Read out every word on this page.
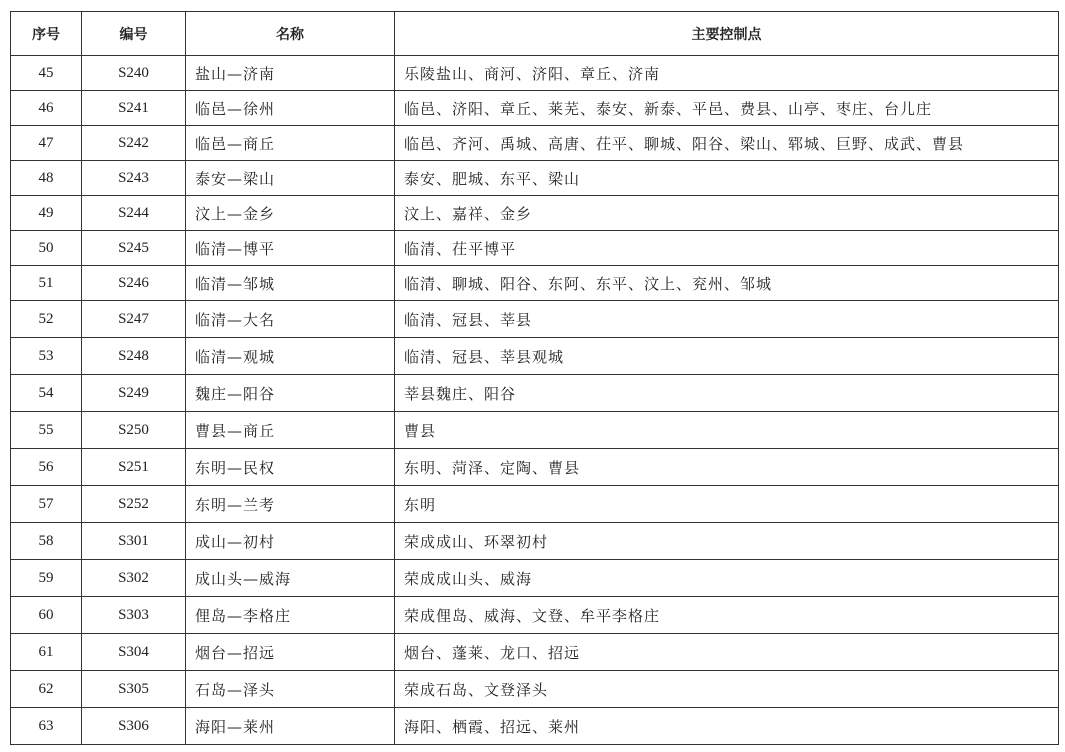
序号	编号	名称	主要控制点
45	S240	盐山—济南	乐陵盐山、商河、济阳、章丘、济南
46	S241	临邑—徐州	临邑、济阳、章丘、莱芜、泰安、新泰、平邑、费县、山亭、枣庄、台儿庄
47	S242	临邑—商丘	临邑、齐河、禹城、高唐、茌平、聊城、阳谷、梁山、郓城、巨野、成武、曹县
48	S243	泰安—梁山	泰安、肥城、东平、梁山
49	S244	汶上—金乡	汶上、嘉祥、金乡
50	S245	临清—博平	临清、茌平博平
51	S246	临清—邹城	临清、聊城、阳谷、东阿、东平、汶上、兖州、邹城
52	S247	临清—大名	临清、冠县、莘县
53	S248	临清—观城	临清、冠县、莘县观城
54	S249	魏庄—阳谷	莘县魏庄、阳谷
55	S250	曹县—商丘	曹县
56	S251	东明—民权	东明、菏泽、定陶、曹县
57	S252	东明—兰考	东明
58	S301	成山—初村	荣成成山、环翠初村
59	S302	成山头—威海	荣成成山头、威海
60	S303	俚岛—李格庄	荣成俚岛、威海、文登、牟平李格庄
61	S304	烟台—招远	烟台、蓬莱、龙口、招远
62	S305	石岛—泽头	荣成石岛、文登泽头
63	S306	海阳—莱州	海阳、栖霞、招远、莱州
